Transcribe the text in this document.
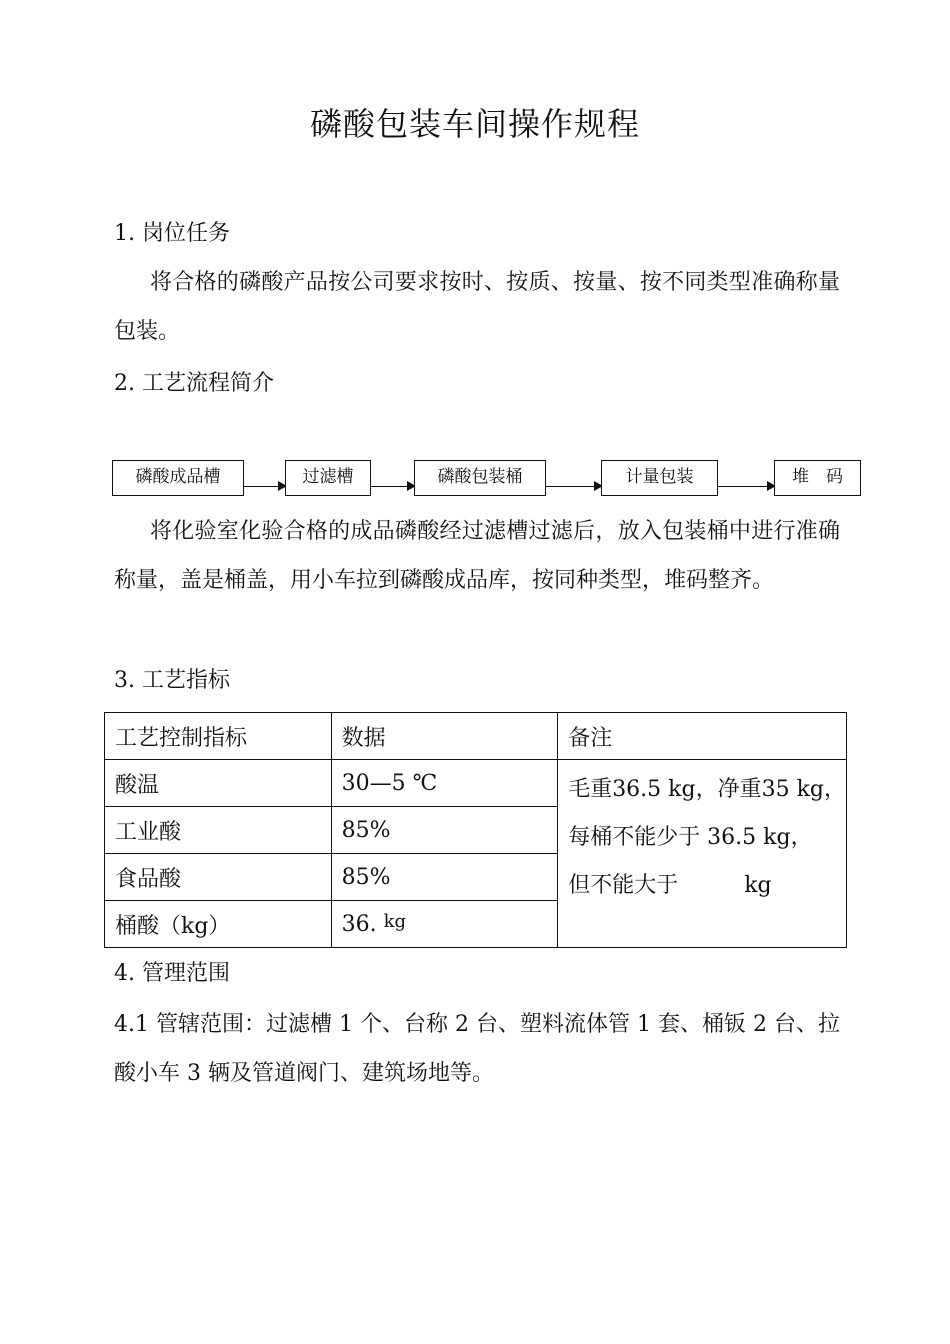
磷酸包装车间操作规程
1. 岗位任务
将合格的磷酸产品按公司要求按时、按质、按量、按不同类型准确称量包装。
2. 工艺流程简介
磷酸成品槽	过滤槽	磷酸包装桶	计量包装	堆　码
将化验室化验合格的成品磷酸经过滤槽过滤后，放入包装桶中进行准确称量，盖是桶盖，用小车拉到磷酸成品库，按同种类型，堆码整齐。
3. 工艺指标
工艺控制指标	数据	备注
酸温	30—5 ℃	毛重36.5 kg，净重35 kg，
每桶不能少于 36.5 kg，
但不能大于　　　kg

工业酸	85%	
食品酸	85%	
桶酸（kg）	36. kg	
4. 管理范围
4.1 管辖范围：过滤槽 1 个、台称 2 台、塑料流体管 1 套、桶钣 2 台、拉酸小车 3 辆及管道阀门、建筑场地等。
